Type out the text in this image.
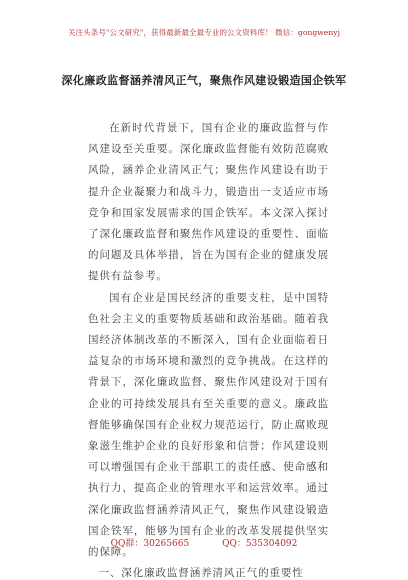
关注头条号"公文研究"，获得最新最全最专业的公文资料库！ 微信：gongwenyj
深化廉政监督涵养清风正气，聚焦作风建设锻造国企铁军

在新时代背景下，国有企业的廉政监督与作风建设至关重要。深化廉政监督能有效防范腐败风险，涵养企业清风正气；聚焦作风建设有助于提升企业凝聚力和战斗力，锻造出一支适应市场竞争和国家发展需求的国企铁军。本文深入探讨了深化廉政监督和聚焦作风建设的重要性、面临的问题及具体举措，旨在为国有企业的健康发展提供有益参考。

国有企业是国民经济的重要支柱，是中国特色社会主义的重要物质基础和政治基础。随着我国经济体制改革的不断深入，国有企业面临着日益复杂的市场环境和激烈的竞争挑战。在这样的背景下，深化廉政监督、聚焦作风建设对于国有企业的可持续发展具有至关重要的意义。廉政监督能够确保国有企业权力规范运行，防止腐败现象滋生维护企业的良好形象和信誉；作风建设则可以增强国有企业干部职工的责任感、使命感和执行力，提高企业的管理水平和运营效率。通过深化廉政监督涵养清风正气，聚焦作风建设锻造国企铁军，能够为国有企业的改革发展提供坚实的保障。

一、深化廉政监督涵养清风正气的重要性

QQ群：30265665	QQ：535304092
